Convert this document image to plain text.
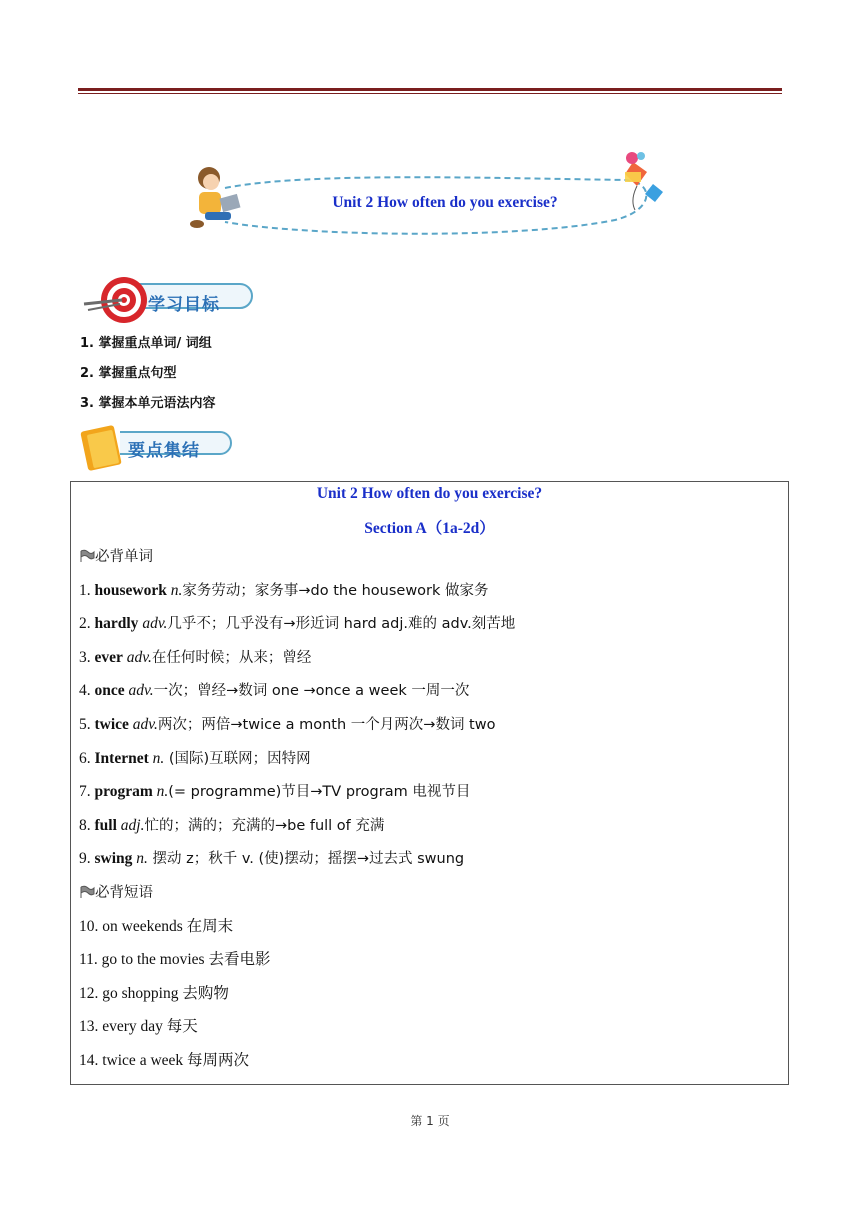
Unit 2 How often do you exercise?
学习目标
1. 掌握重点单词/ 词组
2. 掌握重点句型
3. 掌握本单元语法内容
要点集结
Unit 2 How often do you exercise?
Section A（1a-2d）
必背单词
1. housework n.家务劳动；家务事→do the housework 做家务
2. hardly adv.几乎不；几乎没有→形近词 hard adj.难的 adv.刻苦地
3. ever adv.在任何时候；从来；曾经
4. once adv.一次；曾经→数词 one →once a week 一周一次
5. twice adv.两次；两倍→twice a month 一个月两次→数词 two
6. Internet n. (国际)互联网；因特网
7. program n.(= programme)节目→TV program 电视节目
8. full adj.忙的；满的；充满的→be full of 充满
9. swing n. 摆动 z；秋千 v. (使)摆动；摇摆→过去式 swung
必背短语
10. on weekends 在周末
11. go to the movies 去看电影
12. go shopping 去购物
13. every day 每天
14. twice a week 每周两次
第 1 页
